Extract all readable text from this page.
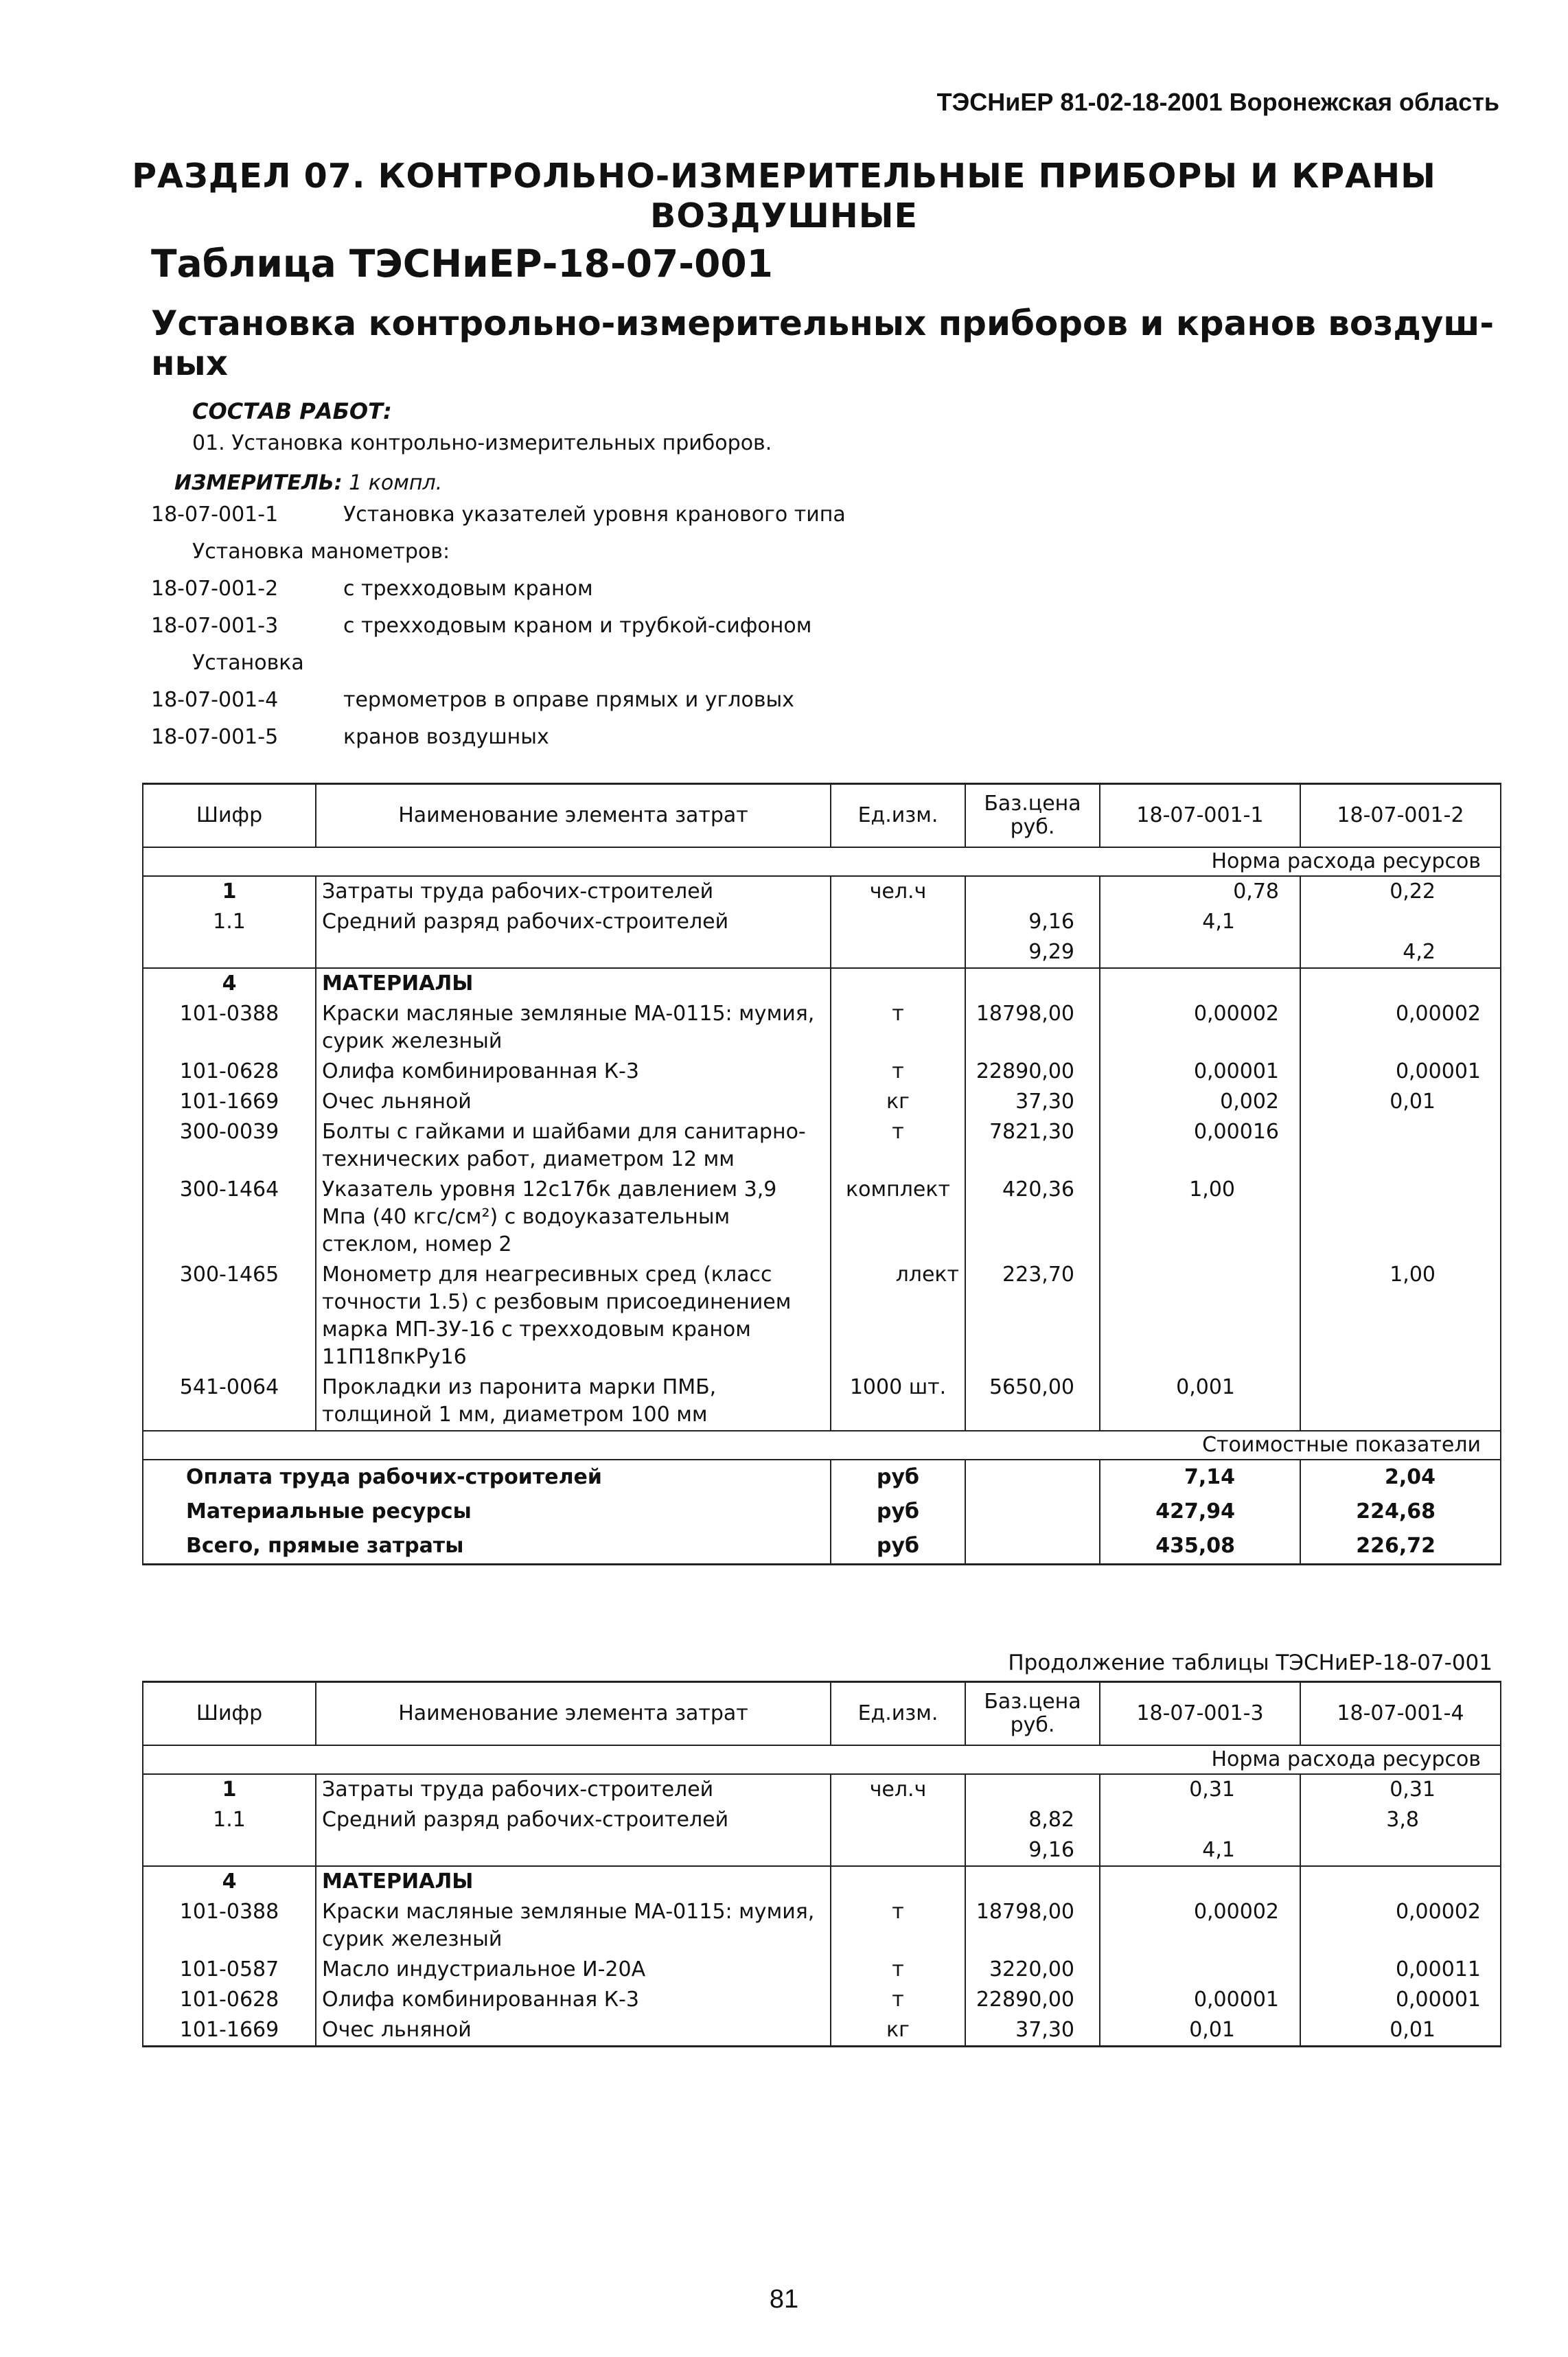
ТЭСНиЕР 81-02-18-2001 Воронежская область
РАЗДЕЛ 07. КОНТРОЛЬНО-ИЗМЕРИТЕЛЬНЫЕ ПРИБОРЫ И КРАНЫ
ВОЗДУШНЫЕ
Таблица ТЭСНиЕР-18-07-001
Установка контрольно-измерительных приборов и кранов воздуш-
ных
СОСТАВ РАБОТ:
01. Установка контрольно-измерительных приборов.
ИЗМЕРИТЕЛЬ: 1 компл.
18-07-001-1	Установка указателей уровня кранового типа
Установка манометров:
18-07-001-2	с трехходовым краном
18-07-001-3	с трехходовым краном и трубкой-сифоном
Установка
18-07-001-4	термометров в оправе прямых и угловых
18-07-001-5	кранов воздушных
Шифр	Наименование элемента затрат	Ед.изм.	Баз.цена руб.	18-07-001-1	18-07-001-2
Норма расхода ресурсов					
1	Затраты труда рабочих-строителей	чел.ч		0,78	0,22
1.1	Средний разряд рабочих-строителей		9,16	4,1	
			9,29		4,2
4	МАТЕРИАЛЫ				
101-0388	Краски масляные земляные МА-0115: мумия, сурик железный	т	18798,00	0,00002	0,00002
101-0628	Олифа комбинированная К-3	т	22890,00	0,00001	0,00001
101-1669	Очес льняной	кг	37,30	0,002	0,01
300-0039	Болты с гайками и шайбами для санитарно-технических работ, диаметром 12 мм	т	7821,30	0,00016	
300-1464	Указатель уровня 12с17бк давлением 3,9 Мпа (40 кгс/см²) с водоуказательным стеклом, номер 2	комплект	420,36	1,00	
300-1465	Монометр для неагресивных сред (класс точности 1.5) с резбовым присоединением марка МП-3У-16 с трехходовым краном 11П18пкРу16	ллект	223,70		1,00
541-0064	Прокладки из паронита марки ПМБ, толщиной 1 мм, диаметром 100 мм	1000 шт.	5650,00	0,001	
Стоимостные показатели					
Оплата труда рабочих-строителей		руб		7,14	2,04
Материальные ресурсы		руб		427,94	224,68
Всего, прямые затраты		руб		435,08	226,72
Продолжение таблицы ТЭСНиЕР-18-07-001
Шифр	Наименование элемента затрат	Ед.изм.	Баз.цена руб.	18-07-001-3	18-07-001-4
Норма расхода ресурсов					
1	Затраты труда рабочих-строителей	чел.ч		0,31	0,31
1.1	Средний разряд рабочих-строителей		8,82		3,8
			9,16	4,1	
4	МАТЕРИАЛЫ				
101-0388	Краски масляные земляные МА-0115: мумия, сурик железный	т	18798,00	0,00002	0,00002
101-0587	Масло индустриальное И-20А	т	3220,00		0,00011
101-0628	Олифа комбинированная К-3	т	22890,00	0,00001	0,00001
101-1669	Очес льняной	кг	37,30	0,01	0,01
81
